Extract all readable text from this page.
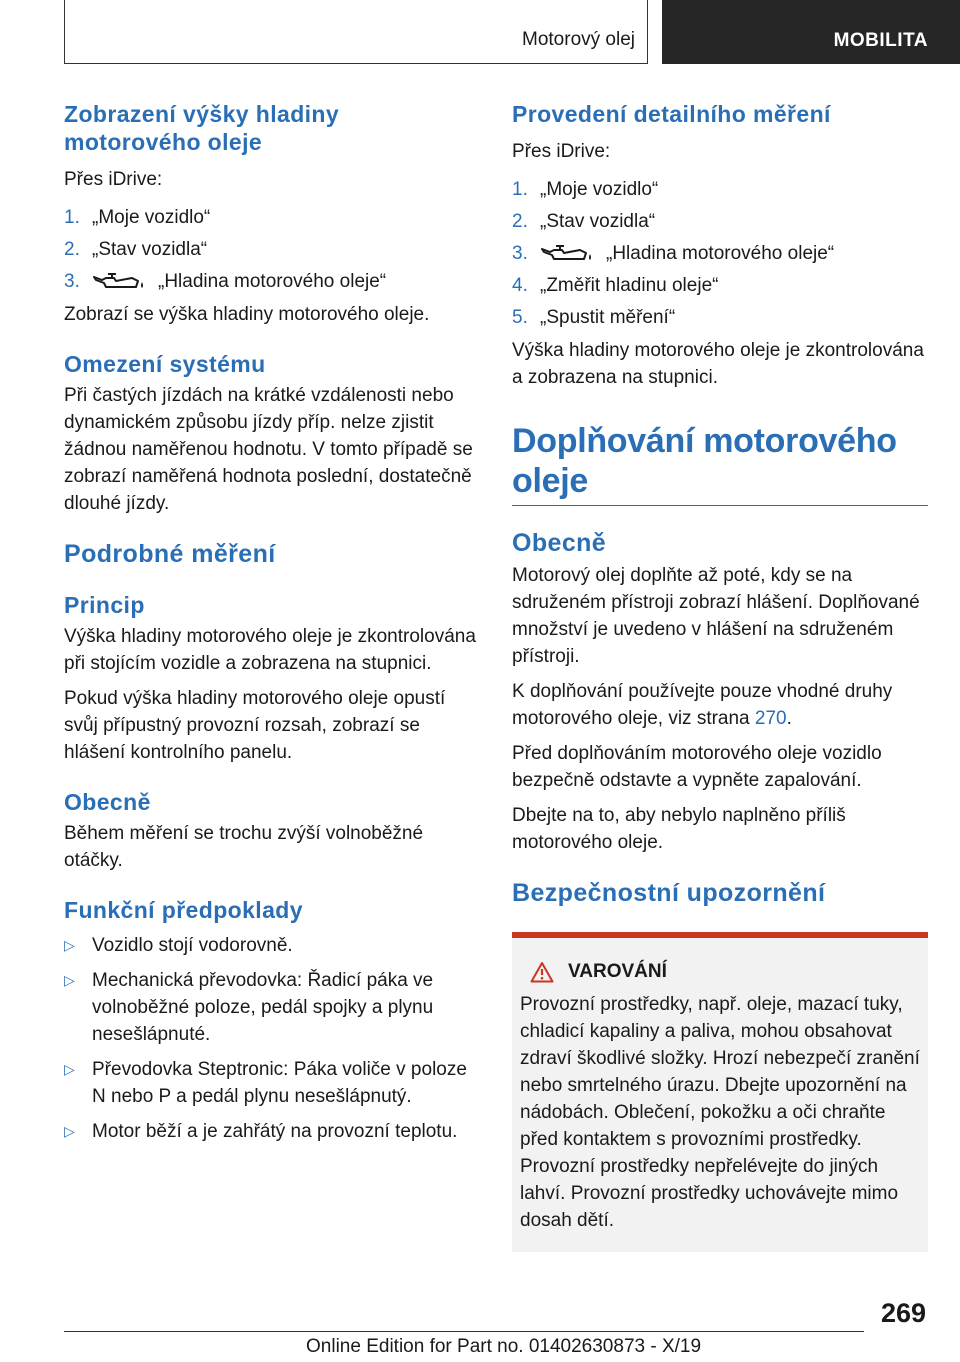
Motorový olej	MOBILITA
Zobrazení výšky hladiny motorového oleje

Přes iDrive:

1. „Moje vozidlo“
2. „Stav vozidla“
3.	„Hladina motorového oleje“

Zobrazí se výška hladiny motorového oleje.

Omezení systému

Při častých jízdách na krátké vzdálenosti nebo dynamickém způsobu jízdy příp. nelze zjistit žádnou naměřenou hodnotu. V tomto případě se zobrazí naměřená hodnota poslední, dostatečně dlouhé jízdy.

Podrobné měření
Princip

Výška hladiny motorového oleje je zkontrolována při stojícím vozidle a zobrazena na stupnici.

Pokud výška hladiny motorového oleje opustí svůj přípustný provozní rozsah, zobrazí se hlášení kontrolního panelu.

Obecně

Během měření se trochu zvýší volnoběžné otáčky.

Funkční předpoklady
▷ Vozidlo stojí vodorovně.
▷ Mechanická převodovka: Řadicí páka ve volnoběžné poloze, pedál spojky a plynu nesešlápnuté.
▷ Převodovka Steptronic: Páka voliče v poloze N nebo P a pedál plynu nesešlápnutý.
▷ Motor běží a je zahřátý na provozní teplotu.
Provedení detailního měření

Přes iDrive:

1. „Moje vozidlo“
2. „Stav vozidla“
3.	„Hladina motorového oleje“
4. „Změřit hladinu oleje“
5. „Spustit měření“

Výška hladiny motorového oleje je zkontrolována a zobrazena na stupnici.

Doplňování motorového oleje
Obecně

Motorový olej doplňte až poté, kdy se na sdruženém přístroji zobrazí hlášení. Doplňované množství je uvedeno v hlášení na sdruženém přístroji.

K doplňování používejte pouze vhodné druhy motorového oleje, viz strana 270.

Před doplňováním motorového oleje vozidlo bezpečně odstavte a vypněte zapalování.

Dbejte na to, aby nebylo naplněno příliš motorového oleje.

Bezpečnostní upozornění
VAROVÁNÍ

Provozní prostředky, např. oleje, mazací tuky, chladicí kapaliny a paliva, mohou obsahovat zdraví škodlivé složky. Hrozí nebezpečí zranění nebo smrtelného úrazu. Dbejte upozornění na nádobách. Oblečení, pokožku a oči chraňte před kontaktem s provozními prostředky. Provozní prostředky nepřelévejte do jiných lahví. Provozní prostředky uchovávejte mimo dosah dětí.

269
Online Edition for Part no. 01402630873 - X/19
